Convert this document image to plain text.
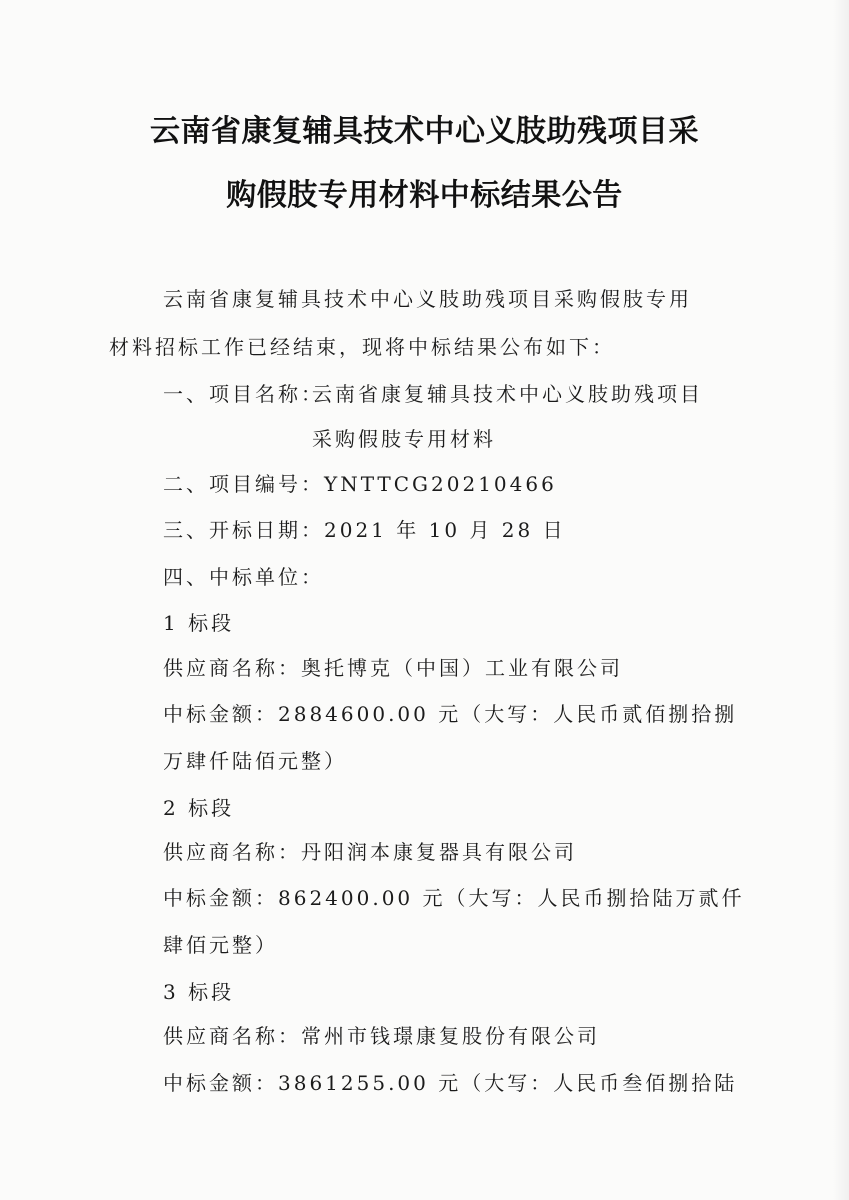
云南省康复辅具技术中心义肢助残项目采
购假肢专用材料中标结果公告
云南省康复辅具技术中心义肢助残项目采购假肢专用
材料招标工作已经结束，现将中标结果公布如下：
一、项目名称：
云南省康复辅具技术中心义肢助残项目
采购假肢专用材料
二、项目编号：YNTTCG20210466
三、开标日期：2021 年 10 月 28 日
四、中标单位：
1 标段
供应商名称：奥托博克（中国）工业有限公司
中标金额：2884600.00 元（大写：人民币贰佰捌拾捌
万肆仟陆佰元整）
2 标段
供应商名称：丹阳润本康复器具有限公司
中标金额：862400.00 元（大写：人民币捌拾陆万贰仟
肆佰元整）
3 标段
供应商名称：常州市钱璟康复股份有限公司
中标金额：3861255.00 元（大写：人民币叁佰捌拾陆
